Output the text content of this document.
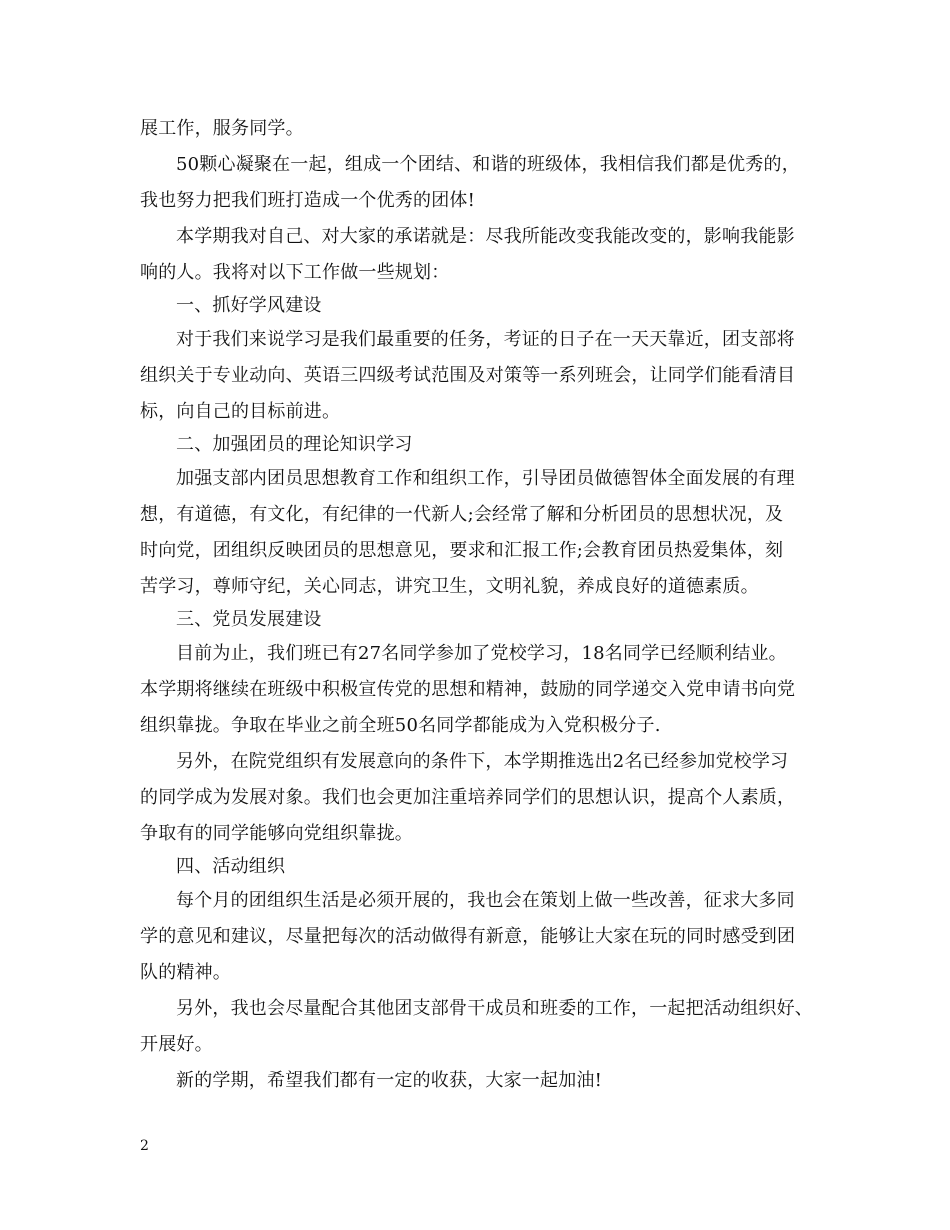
展工作，服务同学。
50颗心凝聚在一起，组成一个团结、和谐的班级体，我相信我们都是优秀的，
我也努力把我们班打造成一个优秀的团体!
本学期我对自己、对大家的承诺就是：尽我所能改变我能改变的，影响我能影
响的人。我将对以下工作做一些规划：
一、抓好学风建设
对于我们来说学习是我们最重要的任务，考证的日子在一天天靠近，团支部将
组织关于专业动向、英语三四级考试范围及对策等一系列班会，让同学们能看清目
标，向自己的目标前进。
二、加强团员的理论知识学习
加强支部内团员思想教育工作和组织工作，引导团员做德智体全面发展的有理
想，有道德，有文化，有纪律的一代新人;会经常了解和分析团员的思想状况，及
时向党，团组织反映团员的思想意见，要求和汇报工作;会教育团员热爱集体，刻
苦学习，尊师守纪，关心同志，讲究卫生，文明礼貌，养成良好的道德素质。
三、党员发展建设
目前为止，我们班已有27名同学参加了党校学习，18名同学已经顺利结业。
本学期将继续在班级中积极宣传党的思想和精神，鼓励的同学递交入党申请书向党
组织靠拢。争取在毕业之前全班50名同学都能成为入党积极分子.
另外，在院党组织有发展意向的条件下，本学期推选出2名已经参加党校学习
的同学成为发展对象。我们也会更加注重培养同学们的思想认识，提高个人素质，
争取有的同学能够向党组织靠拢。
四、活动组织
每个月的团组织生活是必须开展的，我也会在策划上做一些改善，征求大多同
学的意见和建议，尽量把每次的活动做得有新意，能够让大家在玩的同时感受到团
队的精神。
另外，我也会尽量配合其他团支部骨干成员和班委的工作，一起把活动组织好、
开展好。
新的学期，希望我们都有一定的收获，大家一起加油!
2
